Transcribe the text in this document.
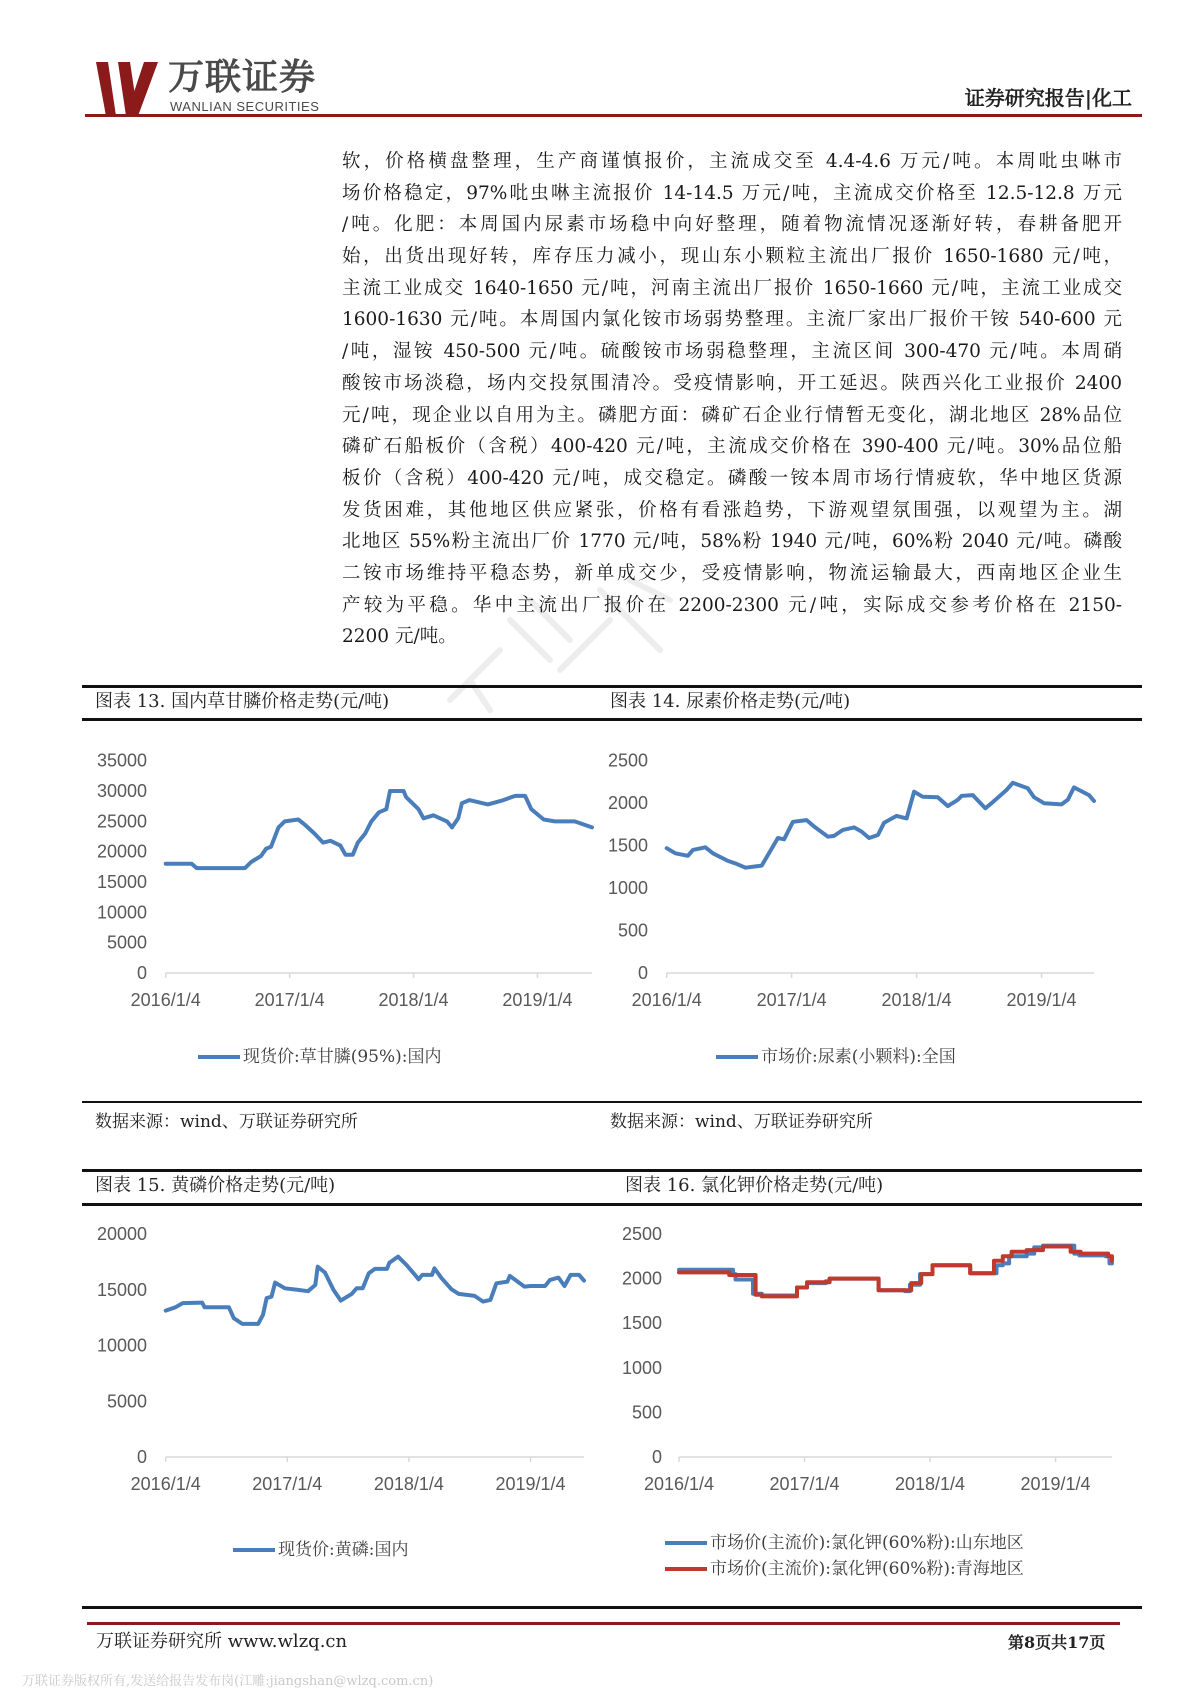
万联证券
WANLIAN SECURITIES	证券研究报告|化工
软，价格横盘整理，生产商谨慎报价，主流成交至 4.4-4.6 万元/吨。本周吡虫啉市
场价格稳定，97%吡虫啉主流报价 14-14.5 万元/吨，主流成交价格至 12.5-12.8 万元
/吨。化肥：本周国内尿素市场稳中向好整理，随着物流情况逐渐好转，春耕备肥开
始，出货出现好转，库存压力减小，现山东小颗粒主流出厂报价 1650-1680 元/吨，
主流工业成交 1640-1650 元/吨，河南主流出厂报价 1650-1660 元/吨，主流工业成交
1600-1630 元/吨。本周国内氯化铵市场弱势整理。主流厂家出厂报价干铵 540-600 元
/吨，湿铵 450-500 元/吨。硫酸铵市场弱稳整理，主流区间 300-470 元/吨。本周硝
酸铵市场淡稳，场内交投氛围清冷。受疫情影响，开工延迟。陕西兴化工业报价 2400
元/吨，现企业以自用为主。磷肥方面：磷矿石企业行情暂无变化，湖北地区 28%品位
磷矿石船板价（含税）400-420 元/吨，主流成交价格在 390-400 元/吨。30%品位船
板价（含税）400-420 元/吨，成交稳定。磷酸一铵本周市场行情疲软，华中地区货源
发货困难，其他地区供应紧张，价格有看涨趋势，下游观望氛围强，以观望为主。湖
北地区 55%粉主流出厂价 1770 元/吨，58%粉 1940 元/吨，60%粉 2040 元/吨。磷酸
二铵市场维持平稳态势，新单成交少，受疫情影响，物流运输最大，西南地区企业生
产较为平稳。华中主流出厂报价在 2200-2300 元/吨，实际成交参考价格在 2150-
2200 元/吨。
图表 13. 国内草甘膦价格走势(元/吨)	图表 14. 尿素价格走势(元/吨)
2016/1/4	2017/1/4	2018/1/4	2019/1/4
0
5000
10000
15000
20000
25000
30000
35000
2016/1/4	2017/1/4	2018/1/4	2019/1/4
0
500
1000
1500
2000
2500
2016/1/4	2017/1/4	2018/1/4	2019/1/4
0
5000
10000
15000
20000
2016/1/4	2017/1/4	2018/1/4	2019/1/4
0
500
1000
1500
2000
2500
现货价:草甘膦(95%):国内	市场价:尿素(小颗料):全国
数据来源：wind、万联证券研究所	数据来源：wind、万联证券研究所
图表 15. 黄磷价格走势(元/吨)	图表 16. 氯化钾价格走势(元/吨)
现货价:黄磷:国内	市场价(主流价):氯化钾(60%粉):山东地区
市场价(主流价):氯化钾(60%粉):青海地区
万联证券研究所 www.wlzq.cn	第8页共17页
万联证券版权所有,发送给报告发布岗(江雕:jiangshan@wlzq.com.cn)
